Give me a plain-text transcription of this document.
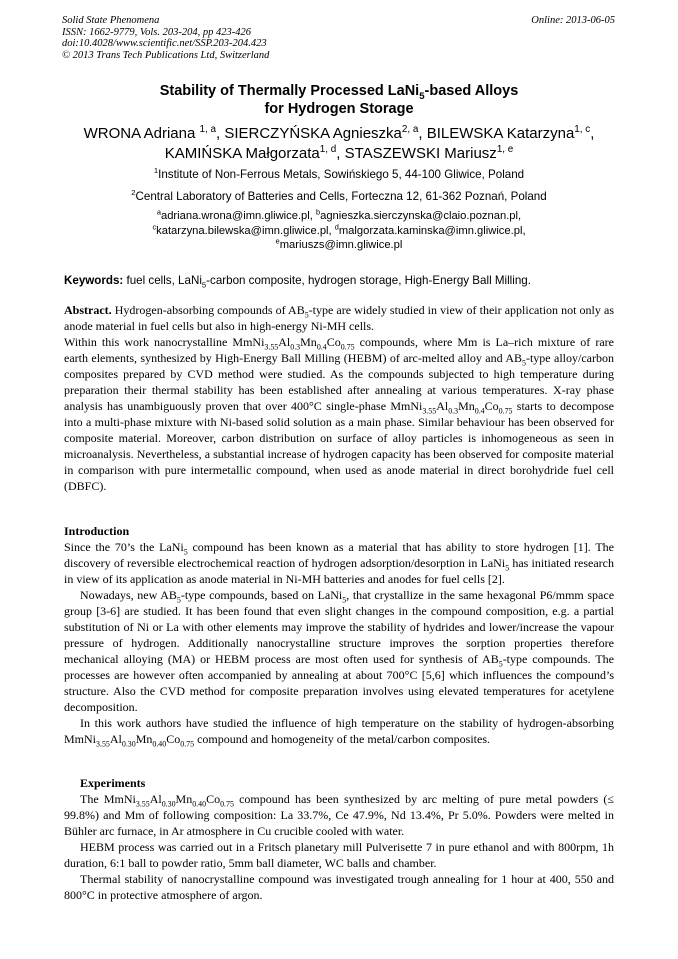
Solid State Phenomena
ISSN: 1662-9779, Vols. 203-204, pp 423-426
doi:10.4028/www.scientific.net/SSP.203-204.423
© 2013 Trans Tech Publications Ltd, Switzerland
Online: 2013-06-05
Stability of Thermally Processed LaNi$_5$-based Alloys
for Hydrogen Storage
WRONA Adriana $^{1, a}$, SIERCZYŃSKA Agnieszka$^{2, a}$, BILEWSKA Katarzyna$^{1, c}$,
KAMIŃSKA Małgorzata$^{1, d}$, STASZEWSKI Mariusz$^{1, e}$
$^1$Institute of Non-Ferrous Metals, Sowińskiego 5, 44-100 Gliwice, Poland
$^2$Central Laboratory of Batteries and Cells, Forteczna 12, 61-362 Poznań, Poland
$^a$adriana.wrona@imn.gliwice.pl, $^b$agnieszka.sierczynska@claio.poznan.pl,
$^c$katarzyna.bilewska@imn.gliwice.pl, $^d$malgorzata.kaminska@imn.gliwice.pl,
$^e$mariuszs@imn.gliwice.pl
Keywords: fuel cells, LaNi$_5$-carbon composite, hydrogen storage, High-Energy Ball Milling.

Abstract. Hydrogen-absorbing compounds of $AB_5$-type are widely studied in view of their application not only as anode material in fuel cells but also in high-energy Ni-MH cells.

Within this work nanocrystalline $MmNi_{3.55}Al_{0.3}Mn_{0.4}Co_{0.75}$ compounds, where Mm is La–rich mixture of rare earth elements, synthesized by High-Energy Ball Milling (HEBM) of arc-melted alloy and $AB_5$-type alloy/carbon composites prepared by CVD method were studied. As the compounds subjected to high temperature during preparation their thermal stability has been established after annealing at various temperatures. X-ray phase analysis has unambiguously proven that over 400°C single-phase $MmNi_{3.55}Al_{0.3}Mn_{0.4}Co_{0.75}$ starts to decompose into a multi-phase mixture with Ni-based solid solution as a main phase. Similar behaviour has been observed for composite material. Moreover, carbon distribution on surface of alloy particles is inhomogeneous as seen in microanalysis. Nevertheless, a substantial increase of hydrogen capacity has been observed for composite material in comparison with pure intermetallic compound, when used as anode material in direct borohydride fuel cell (DBFC).

Introduction

Since the 70’s the LaNi$_5$ compound has been known as a material that has ability to store hydrogen [1]. The discovery of reversible electrochemical reaction of hydrogen adsorption/desorption in LaNi$_5$ has initiated research in view of its application as anode material in Ni-MH batteries and anodes for fuel cells [2].

Nowadays, new $AB_5$-type compounds, based on LaNi$_5$, that crystallize in the same hexagonal P6/mmm space group [3-6] are studied. It has been found that even slight changes in the compound composition, e.g. a partial substitution of Ni or La with other elements may improve the stability of hydrides and lower/increase the vapour pressure of hydrogen. Additionally nanocrystalline structure improves the sorption properties therefore mechanical alloying (MA) or HEBM process are most often used for synthesis of $AB_5$-type compounds. The processes are however often accompanied by annealing at about 700°C [5,6] which influences the compound’s structure. Also the CVD method for composite preparation involves using elevated temperatures for acetylene decomposition.

In this work authors have studied the influence of high temperature on the stability of hydrogen-absorbing $MmNi_{3.55}Al_{0.30}Mn_{0.40}Co_{0.75}$ compound and homogeneity of the metal/carbon composites.

Experiments

The $MmNi_{3.55}Al_{0.30}Mn_{0.40}Co_{0.75}$ compound has been synthesized by arc melting of pure metal powders (≤ 99.8%) and Mm of following composition: La 33.7%, Ce 47.9%, Nd 13.4%, Pr 5.0%. Powders were melted in Bühler arc furnace, in Ar atmosphere in Cu crucible cooled with water.

HEBM process was carried out in a Fritsch planetary mill Pulverisette 7 in pure ethanol and with 800rpm, 1h duration, 6:1 ball to powder ratio, 5mm ball diameter, WC balls and chamber.

Thermal stability of nanocrystalline compound was investigated trough annealing for 1 hour at 400, 550 and 800°C in protective atmosphere of argon.
